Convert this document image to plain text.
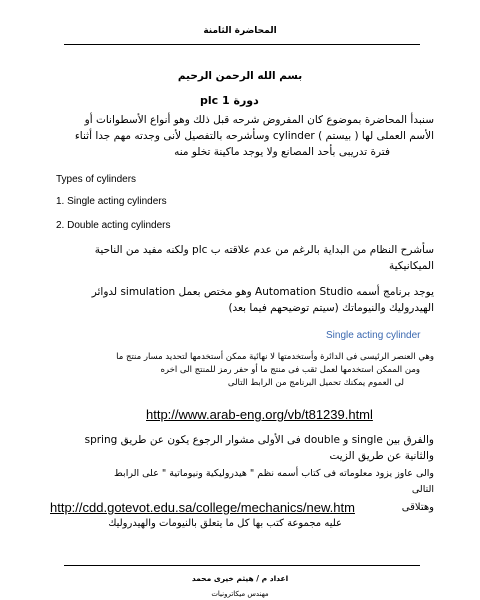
المحاضرة الثامنة
بسم الله الرحمن الرحيم
دورة plc 1
سنبدأ المحاضرة بموضوع كان المفروض شرحه قبل ذلك وهو أنواع الأسطوانات أو
الأسم العملى لها ( بيستم ) cylinder وسأشرحه بالتفصيل لأنى وجدته مهم جدا أثناء
فترة تدريبى بأحد المصانع ولا يوجد ماكينة تخلو منه
Types of cylinders
1. Single acting cylinders
2. Double acting cylinders
سأشرح النظام من البداية بالرغم من عدم علاقته ب plc ولكنه مفيد من الناحية
الميكانيكية
يوجد برنامج أسمه Automation Studio وهو مختص بعمل simulation لدوائر
الهيدروليك والنيوماتك (سيتم توضيحهم فيما بعد)
Single acting cylinder
وهي العنصر الرئيسى فى الدائرة وأستخدمتها لا نهائية ممكن أستخدمها لتحديد مسار منتج ما
ومن الممكن استخدمها لعمل ثقب فى منتج ما أو حفر رمز للمنتج الى اخره
لى العموم يمكنك تحميل البرنامج من الرابط التالى
http://www.arab-eng.org/vb/t81239.html
والفرق بين single و double فى الأولى مشوار الرجوع يكون عن طريق spring
والثانية عن طريق الزيت
والى عاوز يزود معلوماته فى كتاب أسمه نظم " هيدروليكية ونيوماتية " على الرابط
التالى
http://cdd.gotevot.edu.sa/college/mechanics/new.htm	وهتلاقى
عليه مجموعة كتب بها كل ما يتعلق بالنيومات والهيدروليك
اعداد م / هيثم خيرى محمد
مهندس ميكاترونيات
